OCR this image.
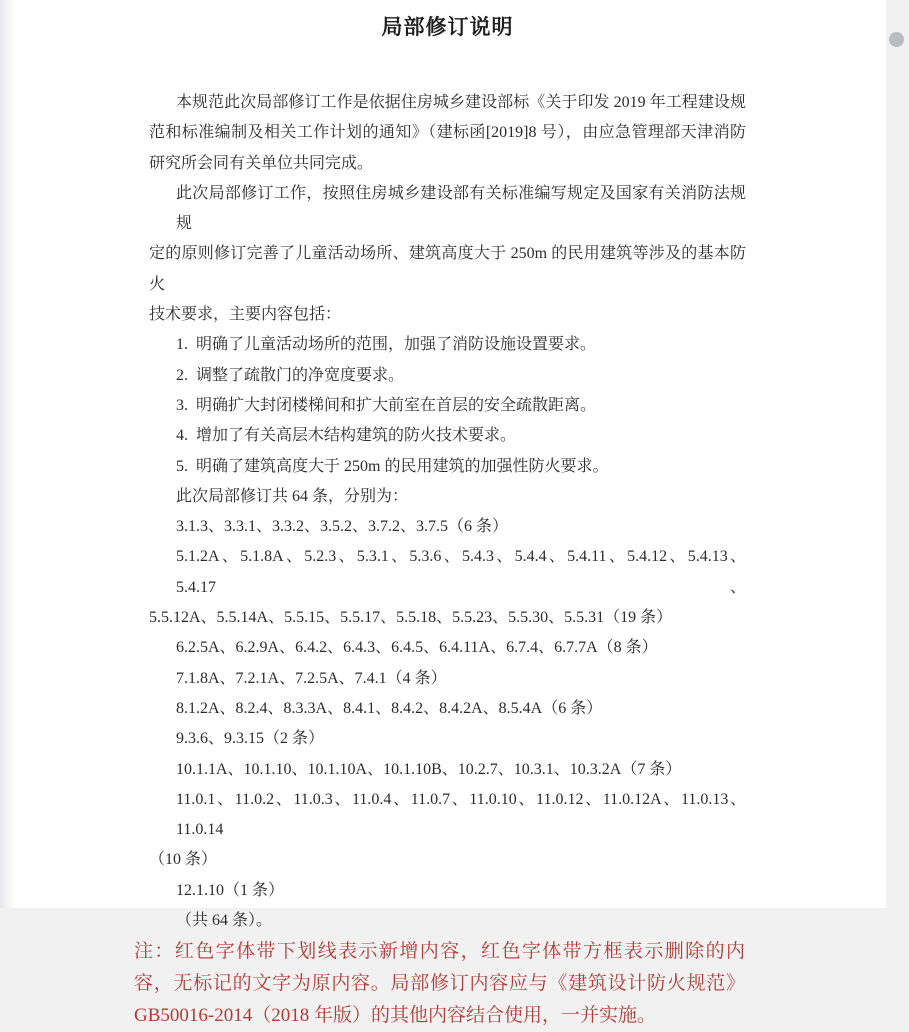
局部修订说明
本规范此次局部修订工作是依据住房城乡建设部标《关于印发 2019 年工程建设规
范和标准编制及相关工作计划的通知》（建标函[2019]8 号），由应急管理部天津消防
研究所会同有关单位共同完成。
此次局部修订工作，按照住房城乡建设部有关标准编写规定及国家有关消防法规规
定的原则修订完善了儿童活动场所、建筑高度大于 250m 的民用建筑等涉及的基本防火
技术要求，主要内容包括：
1.  明确了儿童活动场所的范围，加强了消防设施设置要求。
2.  调整了疏散门的净宽度要求。
3.  明确扩大封闭楼梯间和扩大前室在首层的安全疏散距离。
4.  增加了有关高层木结构建筑的防火技术要求。
5.  明确了建筑高度大于 250m 的民用建筑的加强性防火要求。
此次局部修订共 64 条，分别为：
3.1.3、3.3.1、3.3.2、3.5.2、3.7.2、3.7.5（6 条）
5.1.2A、5.1.8A、5.2.3、5.3.1、5.3.6、5.4.3、5.4.4、5.4.11、5.4.12、5.4.13、5.4.17、
5.5.12A、5.5.14A、5.5.15、5.5.17、5.5.18、5.5.23、5.5.30、5.5.31（19 条）
6.2.5A、6.2.9A、6.4.2、6.4.3、6.4.5、6.4.11A、6.7.4、6.7.7A（8 条）
7.1.8A、7.2.1A、7.2.5A、7.4.1（4 条）
8.1.2A、8.2.4、8.3.3A、8.4.1、8.4.2、8.4.2A、8.5.4A（6 条）
9.3.6、9.3.15（2 条）
10.1.1A、10.1.10、10.1.10A、10.1.10B、10.2.7、10.3.1、10.3.2A（7 条）
11.0.1、11.0.2、11.0.3、11.0.4、11.0.7、11.0.10、11.0.12、11.0.12A、11.0.13、11.0.14
（10 条）
12.1.10（1 条）
（共 64 条）。
注：红色字体带下划线表示新增内容，红色字体带方框表示删除的内
容，无标记的文字为原内容。局部修订内容应与《建筑设计防火规范》
GB50016-2014（2018 年版）的其他内容结合使用，一并实施。
